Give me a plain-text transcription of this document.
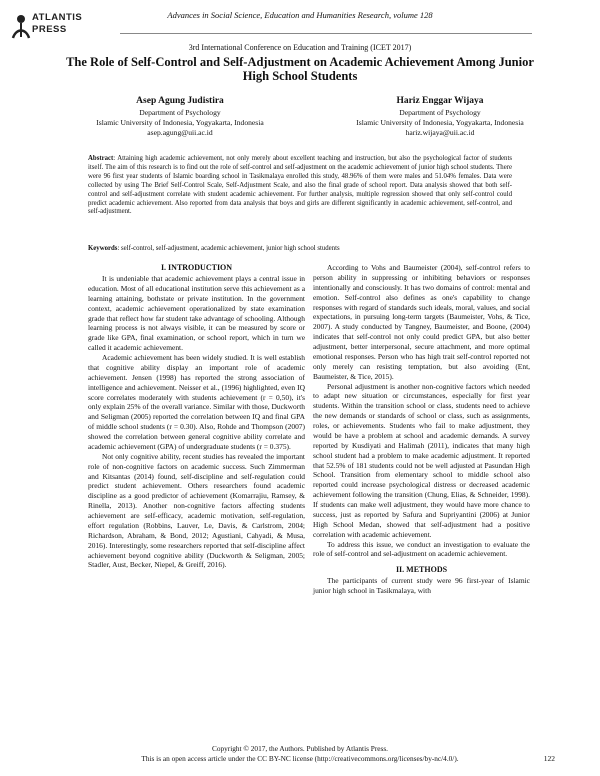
ATLANTIS
PRESS
Advances in Social Science, Education and Humanities Research, volume 128
3rd International Conference on Education and Training (ICET 2017)
The Role of Self-Control and Self-Adjustment on Academic Achievement Among Junior High School Students
Asep Agung Judistira
Department of Psychology
Islamic University of Indonesia, Yogyakarta, Indonesia
asep.agung@uii.ac.id
Hariz Enggar Wijaya
Department of Psychology
Islamic University of Indonesia, Yogyakarta, Indonesia
hariz.wijaya@uii.ac.id
Abstract: Attaining high academic achievement, not only merely about excellent teaching and instruction, but also the psychological factor of students itself. The aim of this research is to find out the role of self-control and self-adjustment on the academic achievement of junior high school students. There were 96 first year students of Islamic boarding school in Tasikmalaya enrolled this study, 48.96% of them were males and 51.04% females. Data were collected by using The Brief Self-Control Scale, Self-Adjustment Scale, and also the final grade of school report. Data analysis showed that both self-control and self-adjustment correlate with student academic achievement. For further analysis, multiple regression showed that only self-control could predict academic achievement. Also reported from data analysis that boys and girls are different significantly in academic achievement, self-control, and self-adjustment.
Keywords: self-control, self-adjustment, academic achievement, junior high school students
I. INTRODUCTION

It is undeniable that academic achievement plays a central issue in education. Most of all educational institution serve this achievement as a learning attaining, bothstate or private institution. In the government context, academic achievement operationalized by state examination grade that reflect how far student take advantage of schooling. Although learning process is not always visible, it can be measured by score or grade like GPA, final examination, or school report, which in turn we called it academic achievement.

Academic achievement has been widely studied. It is well establish that cognitive ability display an important role of academic achievement. Jensen (1998) has reported the strong association of intelligence and achievement. Neisser et al., (1996) highlighted, even IQ score correlates moderately with students achievement (r = 0,50), it's only explain 25% of the overall variance. Similar with those, Duckworth and Seligman (2005) reported the correlation between IQ and final GPA of middle school students (r = 0.30). Also, Rohde and Thompson (2007) showed the correlation between general cognitive ability correlate and academic achievement (GPA) of undergraduate students (r = 0.375).

Not only cognitive ability, recent studies has revealed the important role of non-cognitive factors on academic success. Such Zimmerman and Kitsantas (2014) found, self-discipline and self-regulation could predict student achievement. Others researchers found academic discipline as a good predictor of achievement (Komarrajiu, Ramsey, & Rinella, 2013). Another non-cognitive factors affecting students achievement are self-efficacy, academic motivation, self-regulation, effort regulation (Robbins, Lauver, Le, Davis, & Carlstrom, 2004; Richardson, Abraham, & Bond, 2012; Agustiani, Cahyadi, & Musa, 2016). Interestingly, some researchers reported that self-discipline affect achievement beyond cognitive ability (Duckworth & Seligman, 2005; Stadler, Aust, Becker, Niepel, & Greiff, 2016).

According to Vohs and Baumeister (2004), self-control refers to person ability in suppressing or inhibiting behaviors or responses intentionally and consciously. It has two domains of control: mental and emotion. Self-control also defines as one's capability to change responses with regard of standards such ideals, moral, values, and social expectations, in pursuing long-term targets (Baumeister, Vohs, & Tice, 2007). A study conducted by Tangney, Baumeister, and Boone, (2004) indicates that self-control not only could predict GPA, but also better adjustment, better interpersonal, secure attachment, and more optimal emotional responses. Person who has high trait self-control reported not only merely can resisting temptation, but also avoiding (Ent, Baumeister, & Tice, 2015).

Personal adjustment is another non-cognitive factors which needed to adapt new situation or circumstances, especially for first year students. Within the transition school or class, students need to achieve the new demands or standards of school or class, such as assignments, roles, or achievements. Students who fail to make adjustment, they would be have a problem at school and academic demands. A survey reported by Kusdiyati and Halimah (2011), indicates that many high school student had a problem to make academic adjustment. It reported that 52.5% of 181 students could not be well adjusted at Pasundan High School. Transition from elementary school to middle school also reported could increase psychological distress or decreased academic achievement following the transition (Chung, Elias, & Schneider, 1998). If students can make well adjustment, they would have more chance to success, just as reported by Safura and Supriyantini (2006) at Junior High School Medan, showed that self-adjustment had a positive correlation with academic achievement.

To address this issue, we conduct an investigation to evaluate the role of self-control and sel-adjustment on academic achievement.

II. METHODS

The participants of current study were 96 first-year of Islamic junior high school in Tasikmalaya, with

Copyright © 2017, the Authors. Published by Atlantis Press.
This is an open access article under the CC BY-NC license (http://creativecommons.org/licenses/by-nc/4.0/).	122
